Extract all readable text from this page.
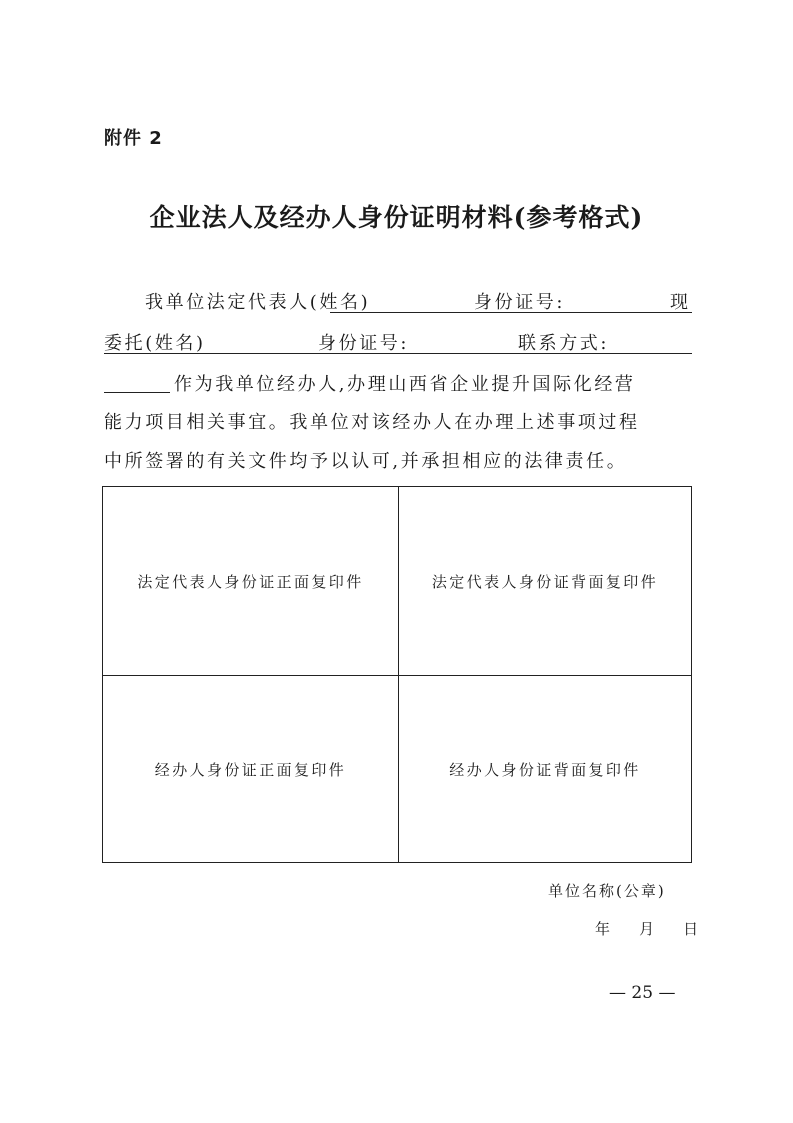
附件 2
企业法人及经办人身份证明材料(参考格式)
我单位法定代表人(姓名)	身份证号:	现
委托(姓名)	身份证号:	联系方式:
作为我单位经办人,办理山西省企业提升国际化经营
能力项目相关事宜。我单位对该经办人在办理上述事项过程
中所签署的有关文件均予以认可,并承担相应的法律责任。
法定代表人身份证正面复印件	法定代表人身份证背面复印件
经办人身份证正面复印件	经办人身份证背面复印件
单位名称(公章)
年    月    日
— 25 —
